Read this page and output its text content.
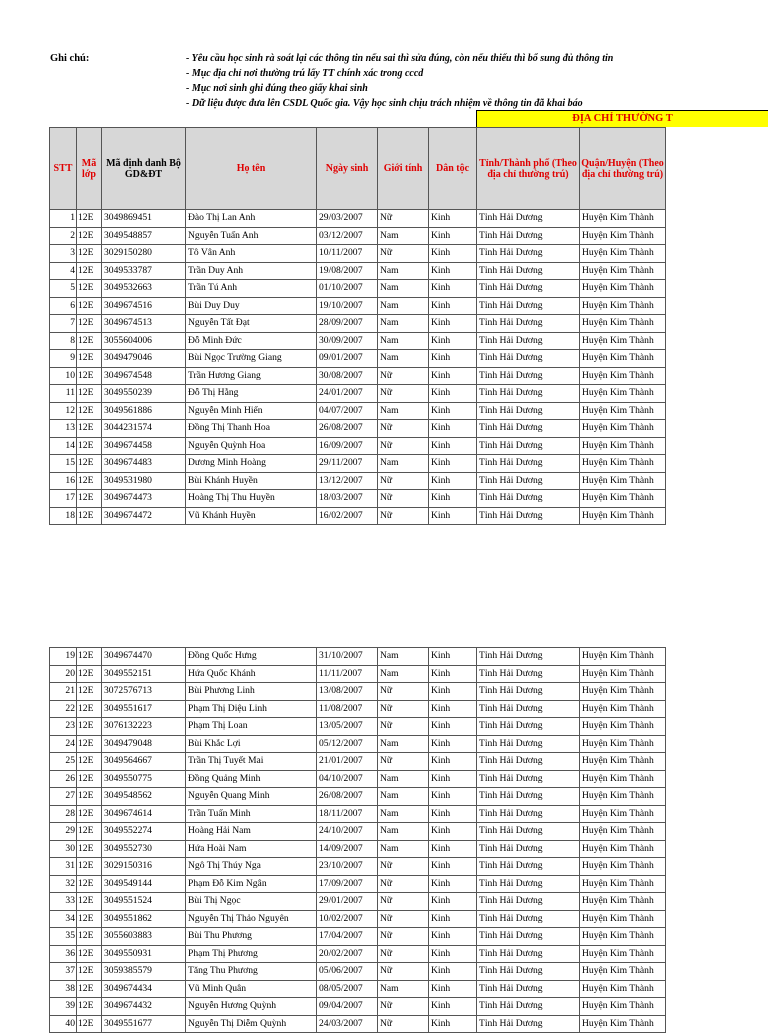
Ghi chú:	- Yêu cầu học sinh rà soát lại các thông tin nếu sai thì sửa đúng, còn nếu thiếu thì bổ sung đủ thông tin
- Mục địa chỉ nơi thường trú lấy TT chính xác trong cccd
- Mục nơi sinh ghi đúng theo giấy khai sinh
- Dữ liệu được đưa lên CSDL Quốc gia. Vậy học sinh chịu trách nhiệm về thông tin đã khai báo
ĐỊA CHỈ THƯỜNG T
STT	Mã lớp	Mã định danh Bộ GD&ĐT	Họ tên	Ngày sinh	Giới tính	Dân tộc	Tỉnh/Thành phố (Theo địa chỉ thường trú)	Quận/Huyện (Theo địa chỉ thường trú)
1	12E	3049869451	Đào Thị Lan Anh	29/03/2007	Nữ	Kinh	Tỉnh Hải Dương	Huyện Kim Thành
2	12E	3049548857	Nguyễn Tuấn Anh	03/12/2007	Nam	Kinh	Tỉnh Hải Dương	Huyện Kim Thành
3	12E	3029150280	Tô Vân Anh	10/11/2007	Nữ	Kinh	Tỉnh Hải Dương	Huyện Kim Thành
4	12E	3049533787	Trần Duy Anh	19/08/2007	Nam	Kinh	Tỉnh Hải Dương	Huyện Kim Thành
5	12E	3049532663	Trần Tú Anh	01/10/2007	Nam	Kinh	Tỉnh Hải Dương	Huyện Kim Thành
6	12E	3049674516	Bùi Duy Duy	19/10/2007	Nam	Kinh	Tỉnh Hải Dương	Huyện Kim Thành
7	12E	3049674513	Nguyễn Tất Đạt	28/09/2007	Nam	Kinh	Tỉnh Hải Dương	Huyện Kim Thành
8	12E	3055604006	Đỗ Minh Đức	30/09/2007	Nam	Kinh	Tỉnh Hải Dương	Huyện Kim Thành
9	12E	3049479046	Bùi Ngọc Trường Giang	09/01/2007	Nam	Kinh	Tỉnh Hải Dương	Huyện Kim Thành
10	12E	3049674548	Trần Hương Giang	30/08/2007	Nữ	Kinh	Tỉnh Hải Dương	Huyện Kim Thành
11	12E	3049550239	Đỗ Thị Hằng	24/01/2007	Nữ	Kinh	Tỉnh Hải Dương	Huyện Kim Thành
12	12E	3049561886	Nguyễn Minh Hiển	04/07/2007	Nam	Kinh	Tỉnh Hải Dương	Huyện Kim Thành
13	12E	3044231574	Đồng Thị Thanh Hoa	26/08/2007	Nữ	Kinh	Tỉnh Hải Dương	Huyện Kim Thành
14	12E	3049674458	Nguyễn Quỳnh Hoa	16/09/2007	Nữ	Kinh	Tỉnh Hải Dương	Huyện Kim Thành
15	12E	3049674483	Dương Minh Hoàng	29/11/2007	Nam	Kinh	Tỉnh Hải Dương	Huyện Kim Thành
16	12E	3049531980	Bùi Khánh Huyền	13/12/2007	Nữ	Kinh	Tỉnh Hải Dương	Huyện Kim Thành
17	12E	3049674473	Hoàng Thị Thu Huyền	18/03/2007	Nữ	Kinh	Tỉnh Hải Dương	Huyện Kim Thành
18	12E	3049674472	Vũ Khánh Huyền	16/02/2007	Nữ	Kinh	Tỉnh Hải Dương	Huyện Kim Thành
19	12E	3049674470	Đồng Quốc Hưng	31/10/2007	Nam	Kinh	Tỉnh Hải Dương	Huyện Kim Thành
20	12E	3049552151	Hứa Quốc Khánh	11/11/2007	Nam	Kinh	Tỉnh Hải Dương	Huyện Kim Thành
21	12E	3072576713	Bùi Phương Linh	13/08/2007	Nữ	Kinh	Tỉnh Hải Dương	Huyện Kim Thành
22	12E	3049551617	Phạm Thị Diệu Linh	11/08/2007	Nữ	Kinh	Tỉnh Hải Dương	Huyện Kim Thành
23	12E	3076132223	Phạm Thị Loan	13/05/2007	Nữ	Kinh	Tỉnh Hải Dương	Huyện Kim Thành
24	12E	3049479048	Bùi Khắc Lợi	05/12/2007	Nam	Kinh	Tỉnh Hải Dương	Huyện Kim Thành
25	12E	3049564667	Trần Thị Tuyết Mai	21/01/2007	Nữ	Kinh	Tỉnh Hải Dương	Huyện Kim Thành
26	12E	3049550775	Đồng Quảng Minh	04/10/2007	Nam	Kinh	Tỉnh Hải Dương	Huyện Kim Thành
27	12E	3049548562	Nguyễn Quang Minh	26/08/2007	Nam	Kinh	Tỉnh Hải Dương	Huyện Kim Thành
28	12E	3049674614	Trần Tuấn Minh	18/11/2007	Nam	Kinh	Tỉnh Hải Dương	Huyện Kim Thành
29	12E	3049552274	Hoàng Hải Nam	24/10/2007	Nam	Kinh	Tỉnh Hải Dương	Huyện Kim Thành
30	12E	3049552730	Hứa Hoài Nam	14/09/2007	Nam	Kinh	Tỉnh Hải Dương	Huyện Kim Thành
31	12E	3029150316	Ngô Thị Thúy Nga	23/10/2007	Nữ	Kinh	Tỉnh Hải Dương	Huyện Kim Thành
32	12E	3049549144	Phạm Đỗ Kim Ngân	17/09/2007	Nữ	Kinh	Tỉnh Hải Dương	Huyện Kim Thành
33	12E	3049551524	Bùi Thị Ngọc	29/01/2007	Nữ	Kinh	Tỉnh Hải Dương	Huyện Kim Thành
34	12E	3049551862	Nguyễn Thị Thảo Nguyên	10/02/2007	Nữ	Kinh	Tỉnh Hải Dương	Huyện Kim Thành
35	12E	3055603883	Bùi Thu Phương	17/04/2007	Nữ	Kinh	Tỉnh Hải Dương	Huyện Kim Thành
36	12E	3049550931	Phạm Thị Phương	20/02/2007	Nữ	Kinh	Tỉnh Hải Dương	Huyện Kim Thành
37	12E	3059385579	Tăng Thu Phương	05/06/2007	Nữ	Kinh	Tỉnh Hải Dương	Huyện Kim Thành
38	12E	3049674434	Vũ Minh Quân	08/05/2007	Nam	Kinh	Tỉnh Hải Dương	Huyện Kim Thành
39	12E	3049674432	Nguyễn Hương Quỳnh	09/04/2007	Nữ	Kinh	Tỉnh Hải Dương	Huyện Kim Thành
40	12E	3049551677	Nguyễn Thị Diễm Quỳnh	24/03/2007	Nữ	Kinh	Tỉnh Hải Dương	Huyện Kim Thành
